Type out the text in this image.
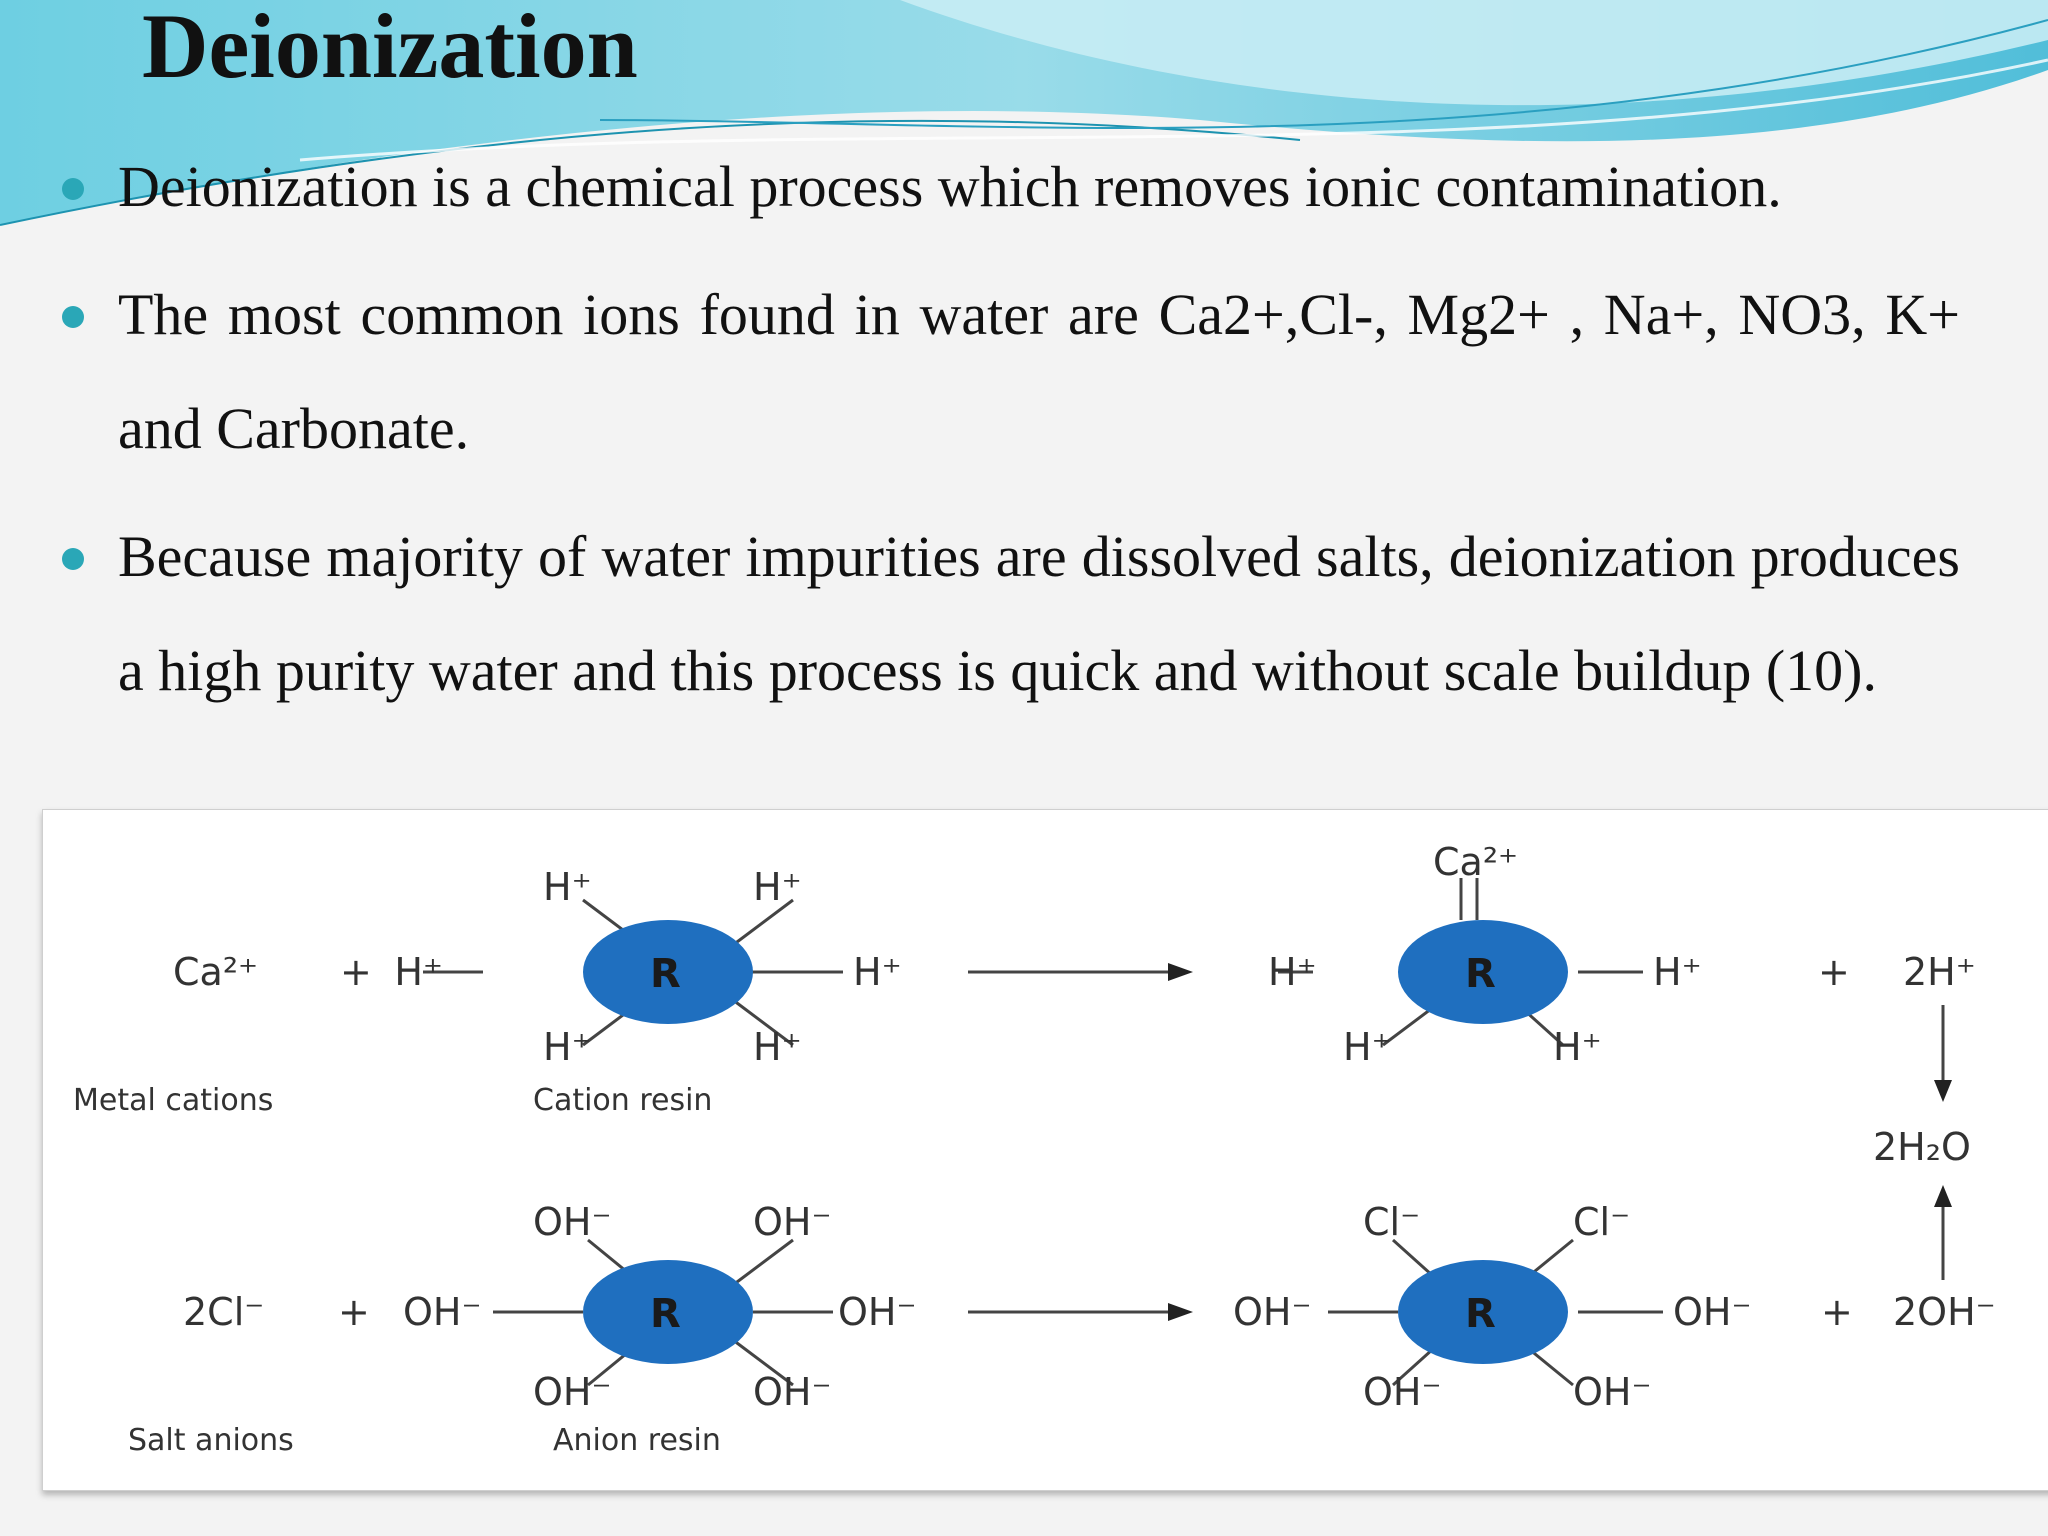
Deionization
Deionization is a chemical process which removes ionic contamination.
The most common ions found in water are Ca2+,Cl-, Mg2+ , Na+, NO3, K+ and Carbonate.
Because majority of water impurities are dissolved salts, deionization produces a high purity water and this process is quick and without scale buildup (10).
Ca²⁺ +	R
H⁺
H⁺	H⁺
H⁺	H⁺
H⁺
Metal cations	Cation resin
R
Ca²⁺
H⁺
H⁺	H⁺
H⁺	+ 2H⁺
2H₂O
2Cl⁻ +	R
OH⁻
OH⁻	OH⁻
OH⁻	OH⁻
OH⁻
Salt anions	Anion resin
R
OH⁻
Cl⁻	Cl⁻
OH⁻	OH⁻
OH⁻ + 2OH⁻
